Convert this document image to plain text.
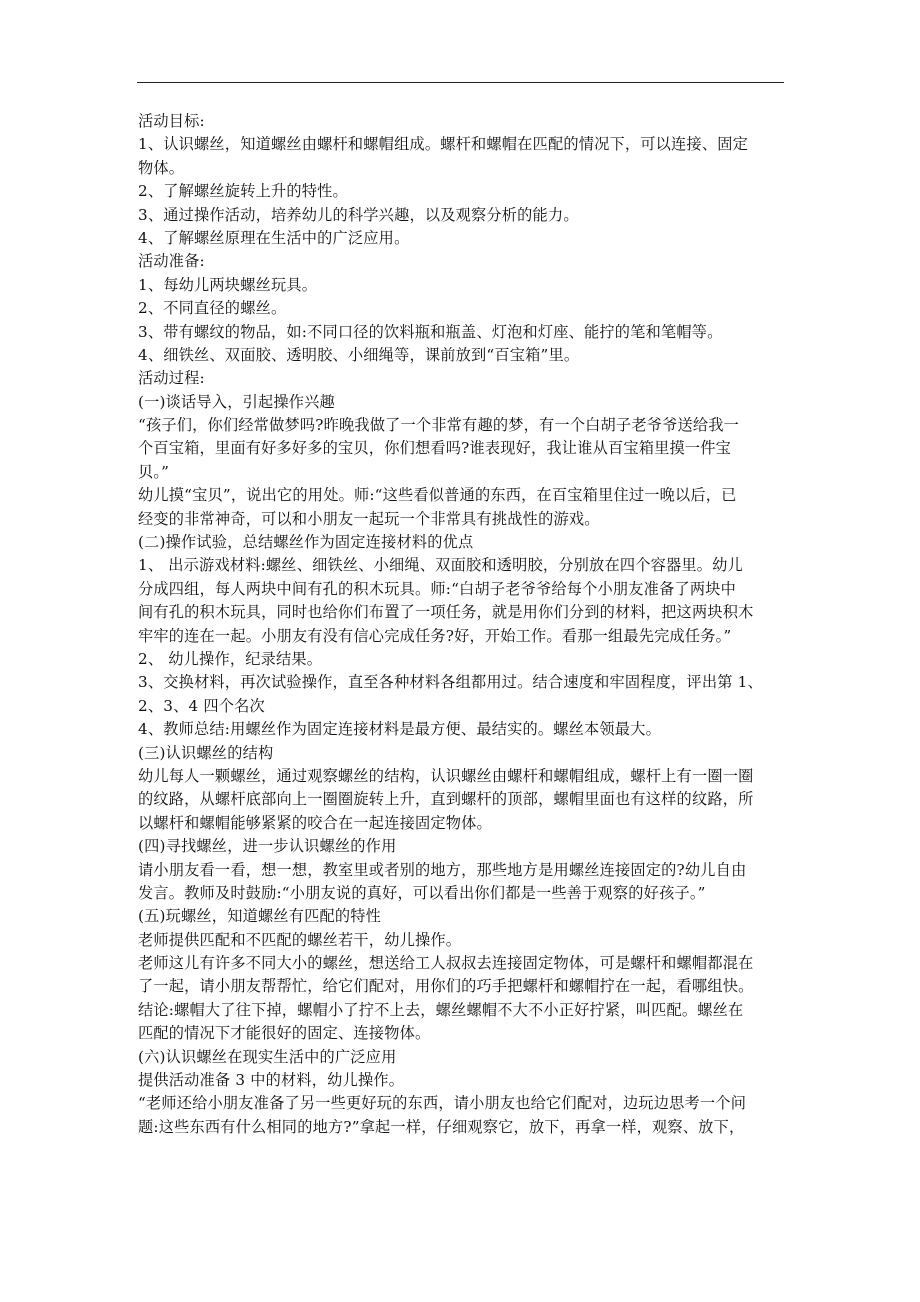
活动目标:
1、认识螺丝，知道螺丝由螺杆和螺帽组成。螺杆和螺帽在匹配的情况下，可以连接、固定
物体。
2、了解螺丝旋转上升的特性。
3、通过操作活动，培养幼儿的科学兴趣，以及观察分析的能力。
4、了解螺丝原理在生活中的广泛应用。
活动准备:
1、每幼儿两块螺丝玩具。
2、不同直径的螺丝。
3、带有螺纹的物品，如:不同口径的饮料瓶和瓶盖、灯泡和灯座、能拧的笔和笔帽等。
4、细铁丝、双面胶、透明胶、小细绳等，课前放到“百宝箱”里。
活动过程:
(一)谈话导入，引起操作兴趣
“孩子们，你们经常做梦吗?昨晚我做了一个非常有趣的梦，有一个白胡子老爷爷送给我一
个百宝箱，里面有好多好多的宝贝，你们想看吗?谁表现好，我让谁从百宝箱里摸一件宝
贝。”
幼儿摸“宝贝”，说出它的用处。师:“这些看似普通的东西，在百宝箱里住过一晚以后，已
经变的非常神奇，可以和小朋友一起玩一个非常具有挑战性的游戏。
(二)操作试验，总结螺丝作为固定连接材料的优点
1、 出示游戏材料:螺丝、细铁丝、小细绳、双面胶和透明胶，分别放在四个容器里。幼儿
分成四组，每人两块中间有孔的积木玩具。师:“白胡子老爷爷给每个小朋友准备了两块中
间有孔的积木玩具，同时也给你们布置了一项任务，就是用你们分到的材料，把这两块积木
牢牢的连在一起。小朋友有没有信心完成任务?好，开始工作。看那一组最先完成任务。”
2、 幼儿操作，纪录结果。
3、交换材料，再次试验操作，直至各种材料各组都用过。结合速度和牢固程度，评出第 1、
2、3、4 四个名次
4、教师总结:用螺丝作为固定连接材料是最方便、最结实的。螺丝本领最大。
(三)认识螺丝的结构
幼儿每人一颗螺丝，通过观察螺丝的结构，认识螺丝由螺杆和螺帽组成，螺杆上有一圈一圈
的纹路，从螺杆底部向上一圈圈旋转上升，直到螺杆的顶部，螺帽里面也有这样的纹路，所
以螺杆和螺帽能够紧紧的咬合在一起连接固定物体。
(四)寻找螺丝，进一步认识螺丝的作用
请小朋友看一看，想一想，教室里或者别的地方，那些地方是用螺丝连接固定的?幼儿自由
发言。教师及时鼓励:“小朋友说的真好，可以看出你们都是一些善于观察的好孩子。”
(五)玩螺丝，知道螺丝有匹配的特性
老师提供匹配和不匹配的螺丝若干，幼儿操作。
老师这儿有许多不同大小的螺丝，想送给工人叔叔去连接固定物体，可是螺杆和螺帽都混在
了一起，请小朋友帮帮忙，给它们配对，用你们的巧手把螺杆和螺帽拧在一起，看哪组快。
结论:螺帽大了往下掉，螺帽小了拧不上去，螺丝螺帽不大不小正好拧紧，叫匹配。螺丝在
匹配的情况下才能很好的固定、连接物体。
(六)认识螺丝在现实生活中的广泛应用
提供活动准备 3 中的材料，幼儿操作。
“老师还给小朋友准备了另一些更好玩的东西，请小朋友也给它们配对，边玩边思考一个问
题:这些东西有什么相同的地方?”拿起一样，仔细观察它，放下，再拿一样，观察、放下，
